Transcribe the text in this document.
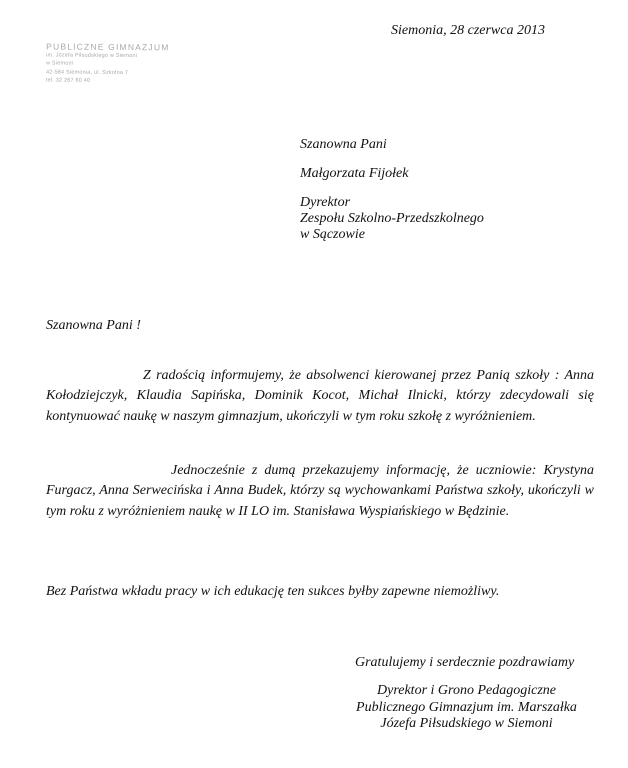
Siemonia, 28 czerwca 2013
PUBLICZNE GIMNAZJUM
im. Józefa Piłsudskiego w Siemoni
w Siemoni
42-584 Siemonia, ul. Szkolna 7
tel. 32 267 60 40
Szanowna Pani
Małgorzata Fijołek
Dyrektor
Zespołu Szkolno-Przedszkolnego
w Sączowie
Szanowna Pani !

Z radością informujemy, że absolwenci kierowanej przez Panią szkoły : Anna Kołodziejczyk, Klaudia Sapińska, Dominik Kocot, Michał Ilnicki, którzy zdecydowali się kontynuować naukę w naszym gimnazjum, ukończyli w tym roku szkołę z wyróżnieniem.

Jednocześnie z dumą przekazujemy informację, że uczniowie: Krystyna Furgacz, Anna Serwecińska i Anna Budek, którzy są wychowankami Państwa szkoły, ukończyli w tym roku z wyróżnieniem naukę w II LO im. Stanisława Wyspiańskiego w Będzinie.

Bez Państwa wkładu pracy w ich edukację ten sukces byłby zapewne niemożliwy.

Gratulujemy i serdecznie pozdrawiamy
Dyrektor i Grono Pedagogiczne
Publicznego Gimnazjum im. Marszałka
Józefa Piłsudskiego w Siemoni
